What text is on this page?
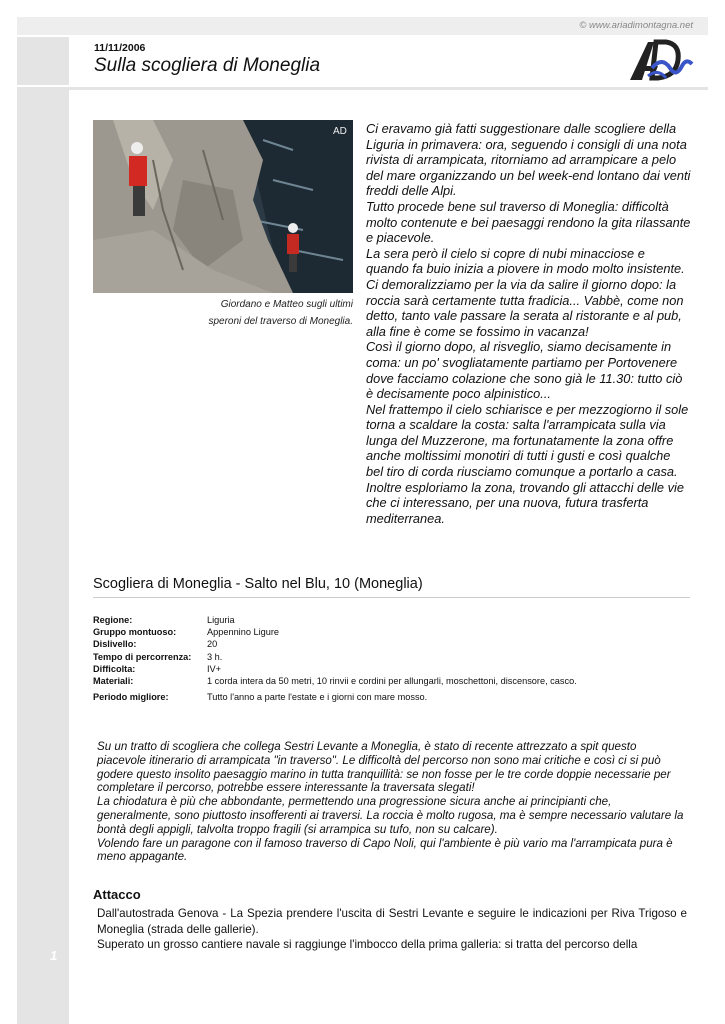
© www.ariadimontagna.net
11/11/2006
Sulla scogliera di Moneglia
AD
Giordano e Matteo sugli ultimi
speroni del traverso di Moneglia.

Ci eravamo già fatti suggestionare dalle scogliere della Liguria in primavera: ora, seguendo i consigli di una nota rivista di arrampicata, ritorniamo ad arrampicare a pelo del mare organizzando un bel week-end lontano dai venti freddi delle Alpi.

Tutto procede bene sul traverso di Moneglia: difficoltà molto contenute e bei paesaggi rendono la gita rilassante e piacevole.

La sera però il cielo si copre di nubi minacciose e quando fa buio inizia a piovere in modo molto insistente. Ci demoralizziamo per la via da salire il giorno dopo: la roccia sarà certamente tutta fradicia... Vabbè, come non detto, tanto vale passare la serata al ristorante e al pub, alla fine è come se fossimo in vacanza!

Così il giorno dopo, al risveglio, siamo decisamente in coma: un po' svogliatamente partiamo per Portovenere dove facciamo colazione che sono già le 11.30: tutto ciò è decisamente poco alpinistico...

Nel frattempo il cielo schiarisce e per mezzogiorno il sole torna a scaldare la costa: salta l'arrampicata sulla via lunga del Muzzerone, ma fortunatamente la zona offre anche moltissimi monotiri di tutti i gusti e così qualche bel tiro di corda riusciamo comunque a portarlo a casa. Inoltre esploriamo la zona, trovando gli attacchi delle vie che ci interessano, per una nuova, futura trasferta mediterranea.

Scogliera di Moneglia - Salto nel Blu, 10 (Moneglia)
Regione:	Liguria
Gruppo montuoso:	Appennino Ligure
Dislivello:	20
Tempo di percorrenza:	3 h.
Difficolta:	IV+
Materiali:	1 corda intera da 50 metri, 10 rinvii e cordini per allungarli, moschettoni, discensore, casco.
Periodo migliore:	Tutto l'anno a parte l'estate e i giorni con mare mosso.

Su un tratto di scogliera che collega Sestri Levante a Moneglia, è stato di recente attrezzato a spit questo piacevole itinerario di arrampicata "in traverso". Le difficoltà del percorso non sono mai critiche e così ci si può godere questo insolito paesaggio marino in tutta tranquillità: se non fosse per le tre corde doppie necessarie per completare il percorso, potrebbe essere interessante la traversata slegati!

La chiodatura è più che abbondante, permettendo una progressione sicura anche ai principianti che, generalmente, sono piuttosto insofferenti ai traversi. La roccia è molto rugosa, ma è sempre necessario valutare la bontà degli appigli, talvolta troppo fragili (si arrampica su tufo, non su calcare).

Volendo fare un paragone con il famoso traverso di Capo Noli, qui l'ambiente è più vario ma l'arrampicata pura è meno appagante.

Attacco

Dall'autostrada Genova - La Spezia prendere l'uscita di Sestri Levante e seguire le indicazioni per Riva Trigoso e Moneglia (strada delle gallerie).

Superato un grosso cantiere navale si raggiunge l'imbocco della prima galleria: si tratta del percorso della

1
